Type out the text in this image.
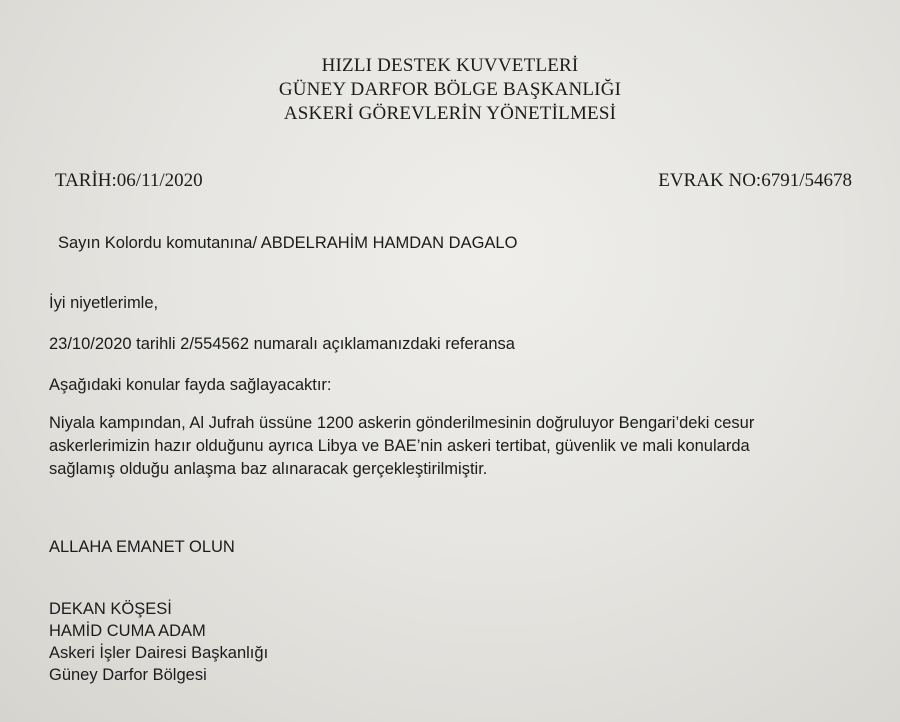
HIZLI DESTEK KUVVETLERİ
GÜNEY DARFOR BÖLGE BAŞKANLIĞI
ASKERİ GÖREVLERİN YÖNETİLMESİ
TARİH:06/11/2020	EVRAK NO:6791/54678
Sayın Kolordu komutanına/ ABDELRAHİM HAMDAN DAGALO
İyi niyetlerimle,
23/10/2020 tarihli 2/554562 numaralı açıklamanızdaki referansa
Aşağıdaki konular fayda sağlayacaktır:
Niyala kampından, Al Jufrah üssüne 1200 askerin gönderilmesinin doğruluyor Bengari’deki cesur
askerlerimizin hazır olduğunu ayrıca Libya ve BAE’nin askeri tertibat, güvenlik ve mali konularda
sağlamış olduğu anlaşma baz alınaracak gerçekleştirilmiştir.
ALLAHA EMANET OLUN
DEKAN KÖŞESİ
HAMİD CUMA ADAM
Askeri İşler Dairesi Başkanlığı
Güney Darfor Bölgesi
